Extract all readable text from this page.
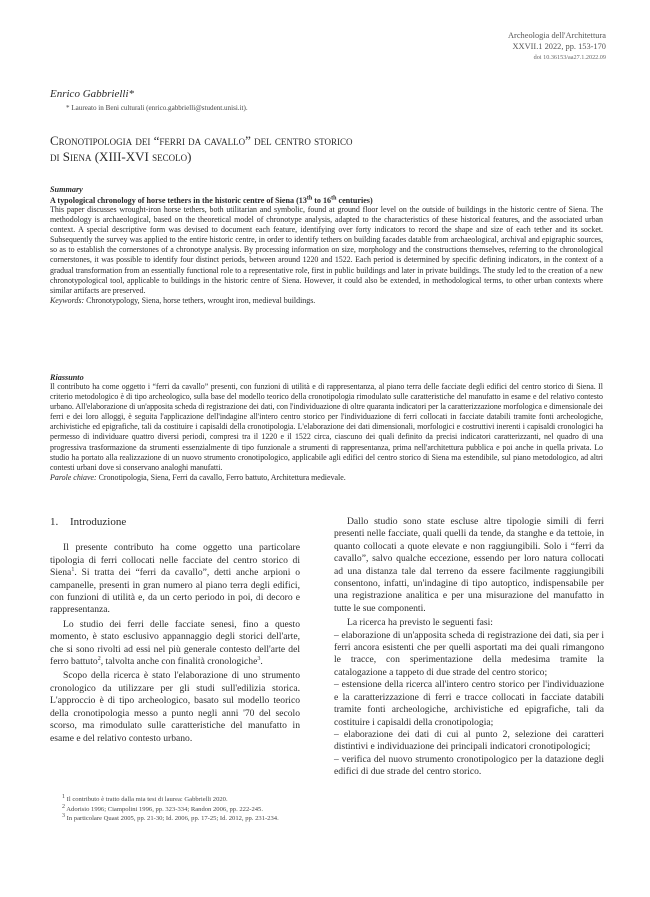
Archeologia dell'Architettura
XXVII.1 2022, pp. 153-170
doi 10.36153/aa27.1.2022.09
Enrico Gabbrielli*
* Laureato in Beni culturali (enrico.gabbrielli@student.unisi.it).
Cronotipologia dei “ferri da cavallo” del centro storico
di Siena (XIII-XVI secolo)
Summary
A typological chronology of horse tethers in the historic centre of Siena (13th to 16th centuries)
This paper discusses wrought-iron horse tethers, both utilitarian and symbolic, found at ground floor level on the outside of buildings in the historic centre of Siena. The methodology is archaeological, based on the theoretical model of chronotype analysis, adapted to the characteristics of these historical features, and the associated urban context. A special descriptive form was devised to document each feature, identifying over forty indicators to record the shape and size of each tether and its socket. Subsequently the survey was applied to the entire historic centre, in order to identify tethers on building facades datable from archaeological, archival and epigraphic sources, so as to establish the cornerstones of a chronotype analysis. By processing information on size, morphology and the constructions themselves, referring to the chronological cornerstones, it was possible to identify four distinct periods, between around 1220 and 1522. Each period is determined by specific defining indicators, in the context of a gradual transformation from an essentially functional role to a representative role, first in public buildings and later in private buildings. The study led to the creation of a new chronotypological tool, applicable to buildings in the historic centre of Siena. However, it could also be extended, in methodological terms, to other urban contexts where similar artifacts are preserved.
Keywords: Chronotypology, Siena, horse tethers, wrought iron, medieval buildings.
Riassunto
Il contributo ha come oggetto i “ferri da cavallo” presenti, con funzioni di utilità e di rappresentanza, al piano terra delle facciate degli edifici del centro storico di Siena. Il criterio metodologico è di tipo archeologico, sulla base del modello teorico della cronotipologia rimodulato sulle caratteristiche del manufatto in esame e del relativo contesto urbano. All'elaborazione di un'apposita scheda di registrazione dei dati, con l'individuazione di oltre quaranta indicatori per la caratterizzazione morfologica e dimensionale dei ferri e dei loro alloggi, è seguita l'applicazione dell'indagine all'intero centro storico per l'individuazione di ferri collocati in facciate databili tramite fonti archeologiche, archivistiche ed epigrafiche, tali da costituire i capisaldi della cronotipologia. L'elaborazione dei dati dimensionali, morfologici e costruttivi inerenti i capisaldi cronologici ha permesso di individuare quattro diversi periodi, compresi tra il 1220 e il 1522 circa, ciascuno dei quali definito da precisi indicatori caratterizzanti, nel quadro di una progressiva trasformazione da strumenti essenzialmente di tipo funzionale a strumenti di rappresentanza, prima nell'architettura pubblica e poi anche in quella privata. Lo studio ha portato alla realizzazione di un nuovo strumento cronotipologico, applicabile agli edifici del centro storico di Siena ma estendibile, sul piano metodologico, ad altri contesti urbani dove si conservano analoghi manufatti.
Parole chiave: Cronotipologia, Siena, Ferri da cavallo, Ferro battuto, Architettura medievale.
1.	Introduzione

Il presente contributo ha come oggetto una particolare tipologia di ferri collocati nelle facciate del centro storico di Siena$^1$. Si tratta dei “ferri da cavallo”, detti anche arpioni o campanelle, presenti in gran numero al piano terra degli edifici, con funzioni di utilità e, da un certo periodo in poi, di decoro e rappresentanza.

Lo studio dei ferri delle facciate senesi, fino a questo momento, è stato esclusivo appannaggio degli storici dell'arte, che si sono rivolti ad essi nel più generale contesto dell'arte del ferro battuto$^2$, talvolta anche con finalità cronologiche$^3$.

Scopo della ricerca è stato l'elaborazione di uno strumento cronologico da utilizzare per gli studi sull'edilizia storica. L'approccio è di tipo archeologico, basato sul modello teorico della cronotipologia messo a punto negli anni '70 del secolo scorso, ma rimodulato sulle caratteristiche del manufatto in esame e del relativo contesto urbano.

Dallo studio sono state escluse altre tipologie simili di ferri presenti nelle facciate, quali quelli da tende, da stanghe e da tettoie, in quanto collocati a quote elevate e non raggiungibili. Solo i “ferri da cavallo”, salvo qualche eccezione, essendo per loro natura collocati ad una distanza tale dal terreno da essere facilmente raggiungibili consentono, infatti, un'indagine di tipo autoptico, indispensabile per una registrazione analitica e per una misurazione del manufatto in tutte le sue componenti.

La ricerca ha previsto le seguenti fasi:

– elaborazione di un'apposita scheda di registrazione dei dati, sia per i ferri ancora esistenti che per quelli asportati ma dei quali rimangono le tracce, con sperimentazione della medesima tramite la catalogazione a tappeto di due strade del centro storico;

– estensione della ricerca all'intero centro storico per l'individuazione e la caratterizzazione di ferri e tracce collocati in facciate databili tramite fonti archeologiche, archivistiche ed epigrafiche, tali da costituire i capisaldi della cronotipologia;

– elaborazione dei dati di cui al punto 2, selezione dei caratteri distintivi e individuazione dei principali indicatori cronotipologici;

– verifica del nuovo strumento cronotipologico per la datazione degli edifici di due strade del centro storico.

$^1$ Il contributo è tratto dalla mia tesi di laurea: Gabbrielli 2020.
$^2$ Adorisio 1996; Ciampolini 1996, pp. 323-334; Randon 2006, pp. 222-245.
$^3$ In particolare Quast 2005, pp. 21-30; Id. 2006, pp. 17-25; Id. 2012, pp. 231-234.
